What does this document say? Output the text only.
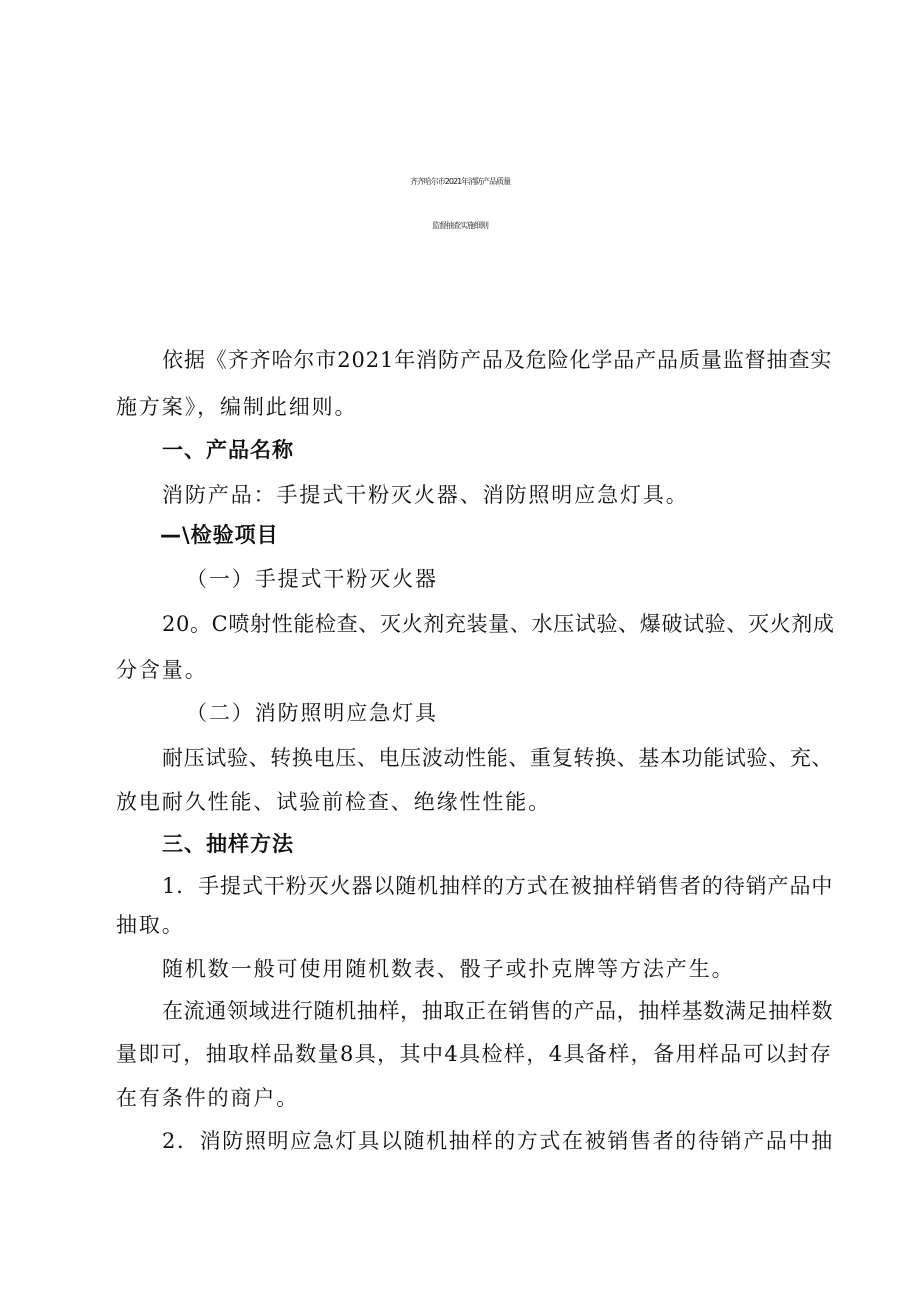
齐齐哈尔市2021年消防产品质量
监督抽查实施细则
依据《齐齐哈尔市2021年消防产品及危险化学品产品质量监督抽查实
施方案》，编制此细则。
一、产品名称
消防产品：手提式干粉灭火器、消防照明应急灯具。
—\检验项目
（一）手提式干粉灭火器
20。C喷射性能检查、灭火剂充装量、水压试验、爆破试验、灭火剂成
分含量。
（二）消防照明应急灯具
耐压试验、转换电压、电压波动性能、重复转换、基本功能试验、充、
放电耐久性能、试验前检查、绝缘性性能。
三、抽样方法
1．手提式干粉灭火器以随机抽样的方式在被抽样销售者的待销产品中
抽取。
随机数一般可使用随机数表、骰子或扑克牌等方法产生。
在流通领域进行随机抽样，抽取正在销售的产品，抽样基数满足抽样数
量即可，抽取样品数量8具，其中4具检样，4具备样，备用样品可以封存
在有条件的商户。
2．消防照明应急灯具以随机抽样的方式在被销售者的待销产品中抽
